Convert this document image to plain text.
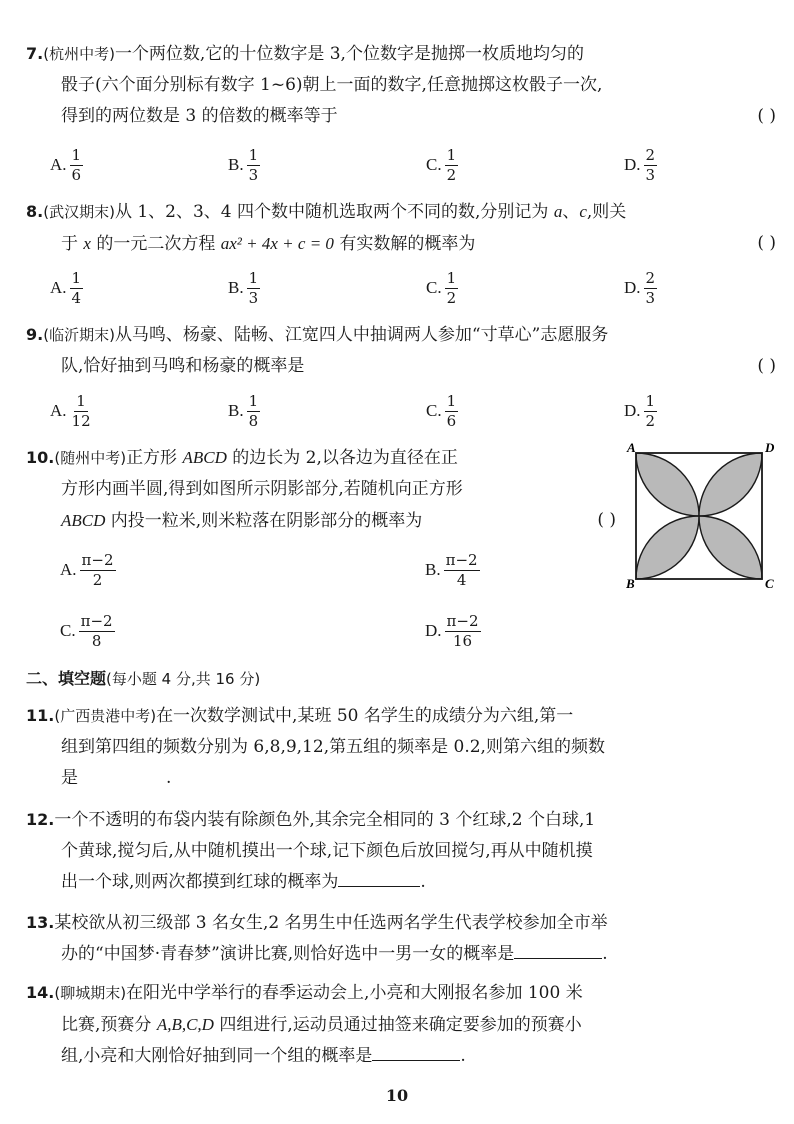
7.(杭州中考)一个两位数,它的十位数字是 3,个位数字是抛掷一枚质地均匀的
骰子(六个面分别标有数字 1~6)朝上一面的数字,任意抛掷这枚骰子一次,
得到的两位数是 3 的倍数的概率等于	( )
A. $\frac{1}{6}$	B. $\frac{1}{3}$	C. $\frac{1}{2}$	D. $\frac{2}{3}$
8.(武汉期末)从 1、2、3、4 四个数中随机选取两个不同的数,分别记为 a、c,则关
于 x 的一元二次方程 ax² + 4x + c = 0 有实数解的概率为	( )
A. $\frac{1}{4}$	B. $\frac{1}{3}$	C. $\frac{1}{2}$	D. $\frac{2}{3}$
9.(临沂期末)从马鸣、杨豪、陆畅、江宽四人中抽调两人参加“寸草心”志愿服务
队,恰好抽到马鸣和杨豪的概率是	( )
A. $\frac{1}{12}$	B. $\frac{1}{8}$	C. $\frac{1}{6}$	D. $\frac{1}{2}$
10.(随州中考)正方形 ABCD 的边长为 2,以各边为直径在正
方形内画半圆,得到如图所示阴影部分,若随机向正方形
ABCD 内投一粒米,则米粒落在阴影部分的概率为	( )
A. $\frac{\pi-2}{2}$	B. $\frac{\pi-2}{4}$
C. $\frac{\pi-2}{8}$	D. $\frac{\pi-2}{16}$
A	D
B	C
二、填空题(每小题 4 分,共 16 分)
11.(广西贵港中考)在一次数学测试中,某班 50 名学生的成绩分为六组,第一
组到第四组的频数分别为 6,8,9,12,第五组的频率是 0.2,则第六组的频数
是	.
12.一个不透明的布袋内装有除颜色外,其余完全相同的 3 个红球,2 个白球,1
个黄球,搅匀后,从中随机摸出一个球,记下颜色后放回搅匀,再从中随机摸
出一个球,则两次都摸到红球的概率为	.
13.某校欲从初三级部 3 名女生,2 名男生中任选两名学生代表学校参加全市举
办的“中国梦·青春梦”演讲比赛,则恰好选中一男一女的概率是	.
14.(聊城期末)在阳光中学举行的春季运动会上,小亮和大刚报名参加 100 米
比赛,预赛分 A,B,C,D 四组进行,运动员通过抽签来确定要参加的预赛小
组,小亮和大刚恰好抽到同一个组的概率是	.
10
